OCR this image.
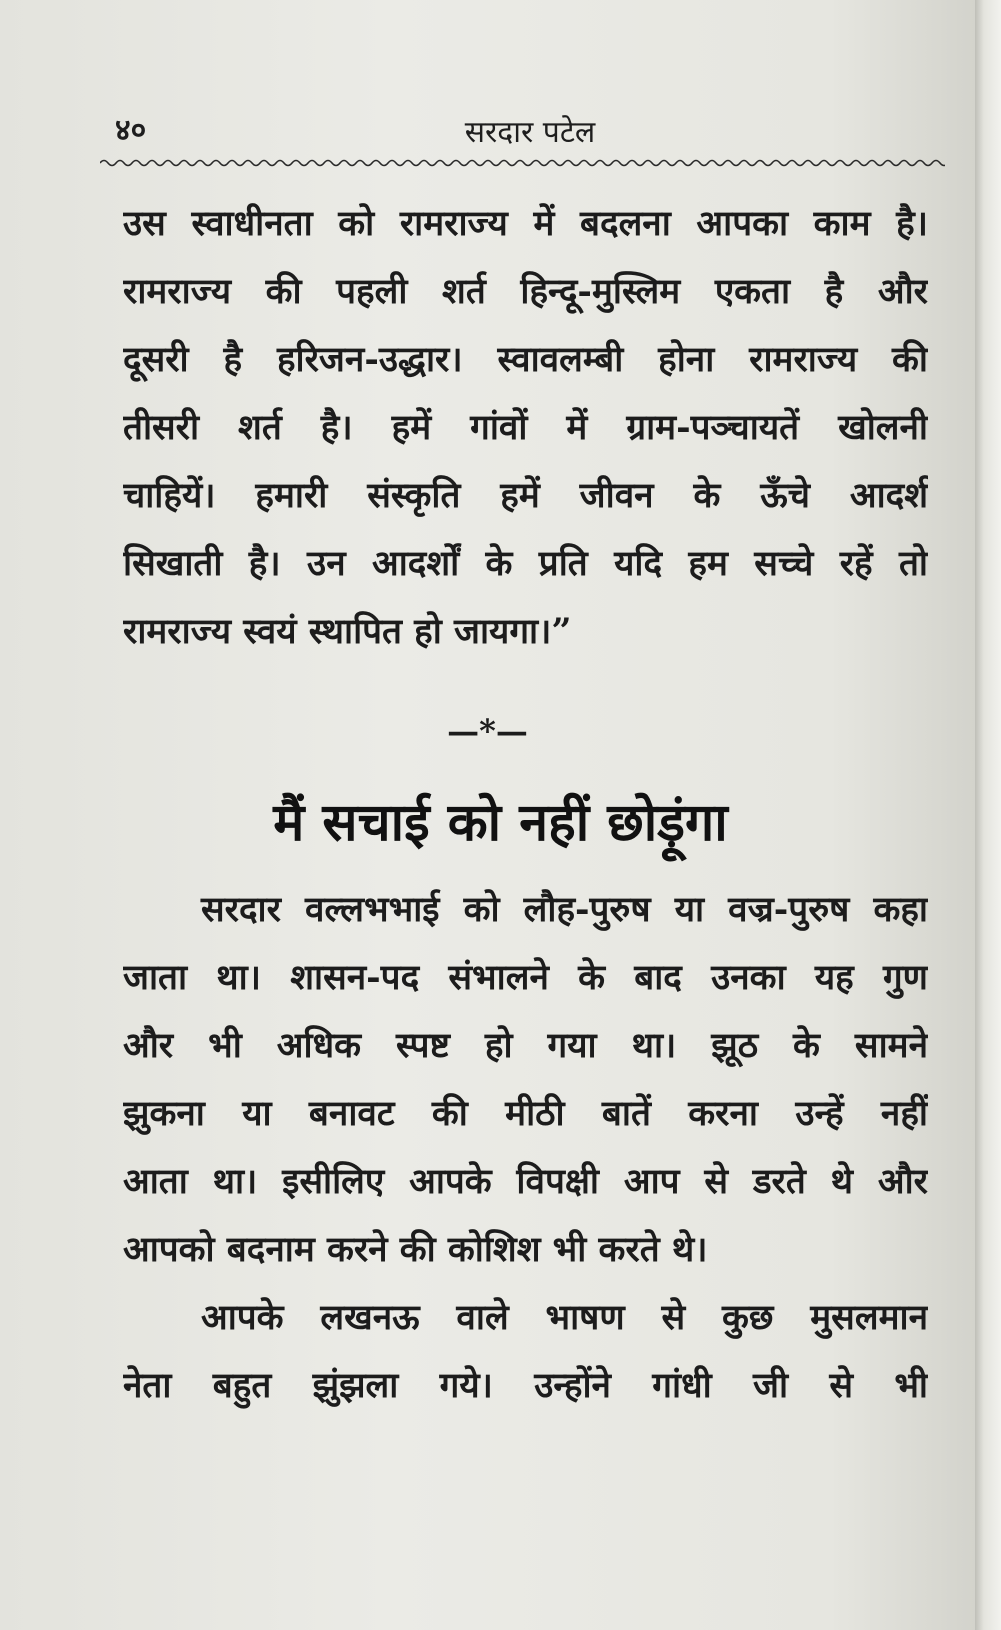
४०	सरदार पटेल
उस स्वाधीनता को रामराज्य में बदलना आपका काम है।
रामराज्य की पहली शर्त हिन्दू-मुस्लिम एकता है और
दूसरी है हरिजन-उद्धार। स्वावलम्बी होना रामराज्य की
तीसरी शर्त है। हमें गांवों में ग्राम-पञ्चायतें खोलनी
चाहियें। हमारी संस्कृति हमें जीवन के ऊँचे आदर्श
सिखाती है। उन आदर्शों के प्रति यदि हम सच्चे रहें तो
रामराज्य स्वयं स्थापित हो जायगा।”
—*—
मैं सचाई को नहीं छोड़ूंगा
सरदार वल्लभभाई को लौह-पुरुष या वज्र-पुरुष कहा
जाता था। शासन-पद संभालने के बाद उनका यह गुण
और भी अधिक स्पष्ट हो गया था। झूठ के सामने
झुकना या बनावट की मीठी बातें करना उन्हें नहीं
आता था। इसीलिए आपके विपक्षी आप से डरते थे और
आपको बदनाम करने की कोशिश भी करते थे।
आपके लखनऊ वाले भाषण से कुछ मुसलमान
नेता बहुत झुंझला गये। उन्होंने गांधी जी से भी
